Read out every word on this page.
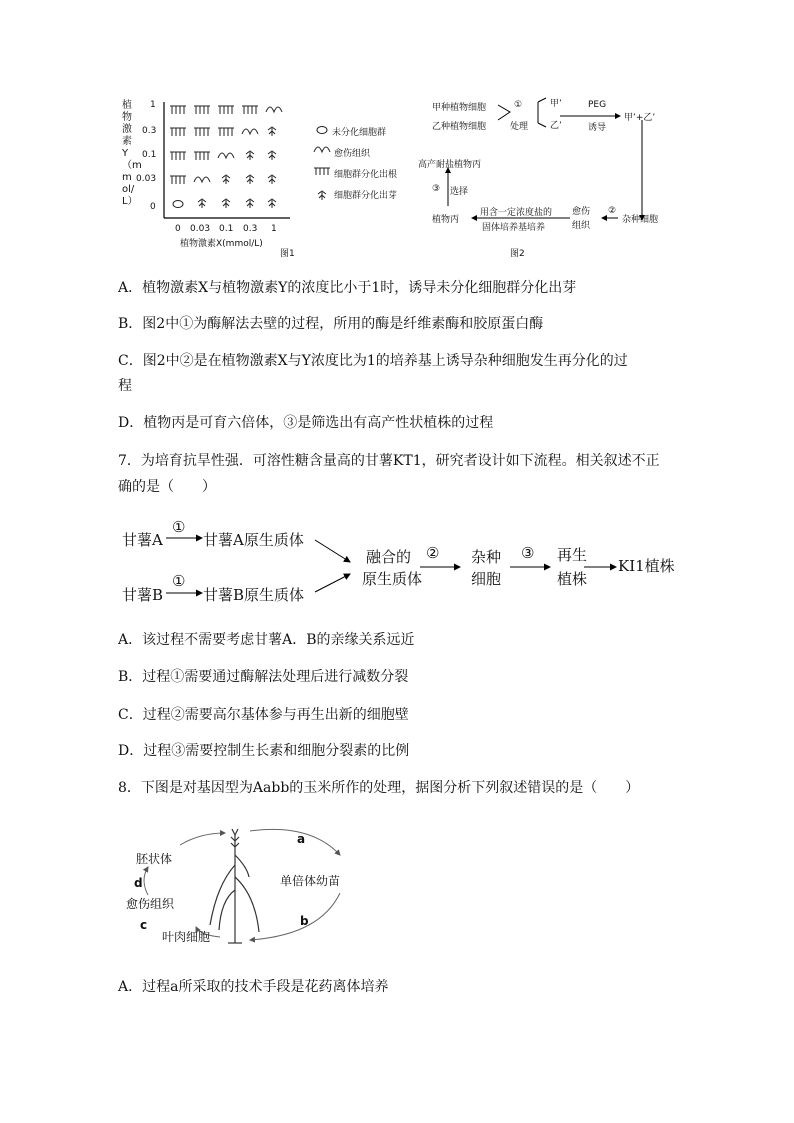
植物激素Y（mmol/L）
1
0.3
0.1
0.03
0
0 0.03 0.1 0.3 1
植物激素X(mmol/L)
图1
未分化细胞群
愈伤组织
细胞群分化出根
细胞群分化出芽
甲种植物细胞
乙种植物细胞
①
处理
甲’
乙’
PEG
诱导
甲’+乙’
高产耐盐植物丙
③ 选择
植物丙
用含一定浓度盐的
固体培养基培养
愈伤组织
②
杂种细胞
图2
A．植物激素X与植物激素Y的浓度比小于1时，诱导未分化细胞群分化出芽
B．图2中①为酶解法去壁的过程，所用的酶是纤维素酶和胶原蛋白酶
C．图2中②是在植物激素X与Y浓度比为1的培养基上诱导杂种细胞发生再分化的过
程
D．植物丙是可育六倍体，③是筛选出有高产性状植株的过程
7．为培育抗旱性强．可溶性糖含量高的甘薯KT1，研究者设计如下流程。相关叙述不正
确的是（　　）
甘薯A
①
甘薯A原生质体
甘薯B
①
甘薯B原生质体
融合的
原生质体
② 杂种
细胞
③ 再生
植株
KI1植株
A．该过程不需要考虑甘薯A．B的亲缘关系远近
B．过程①需要通过酶解法处理后进行减数分裂
C．过程②需要高尔基体参与再生出新的细胞壁
D．过程③需要控制生长素和细胞分裂素的比例
8．下图是对基因型为Aabb的玉米所作的处理，据图分析下列叙述错误的是（　　）
胚状体
d
愈伤组织
c
叶肉细胞
a
单倍体幼苗
b
A．过程a所采取的技术手段是花药离体培养
